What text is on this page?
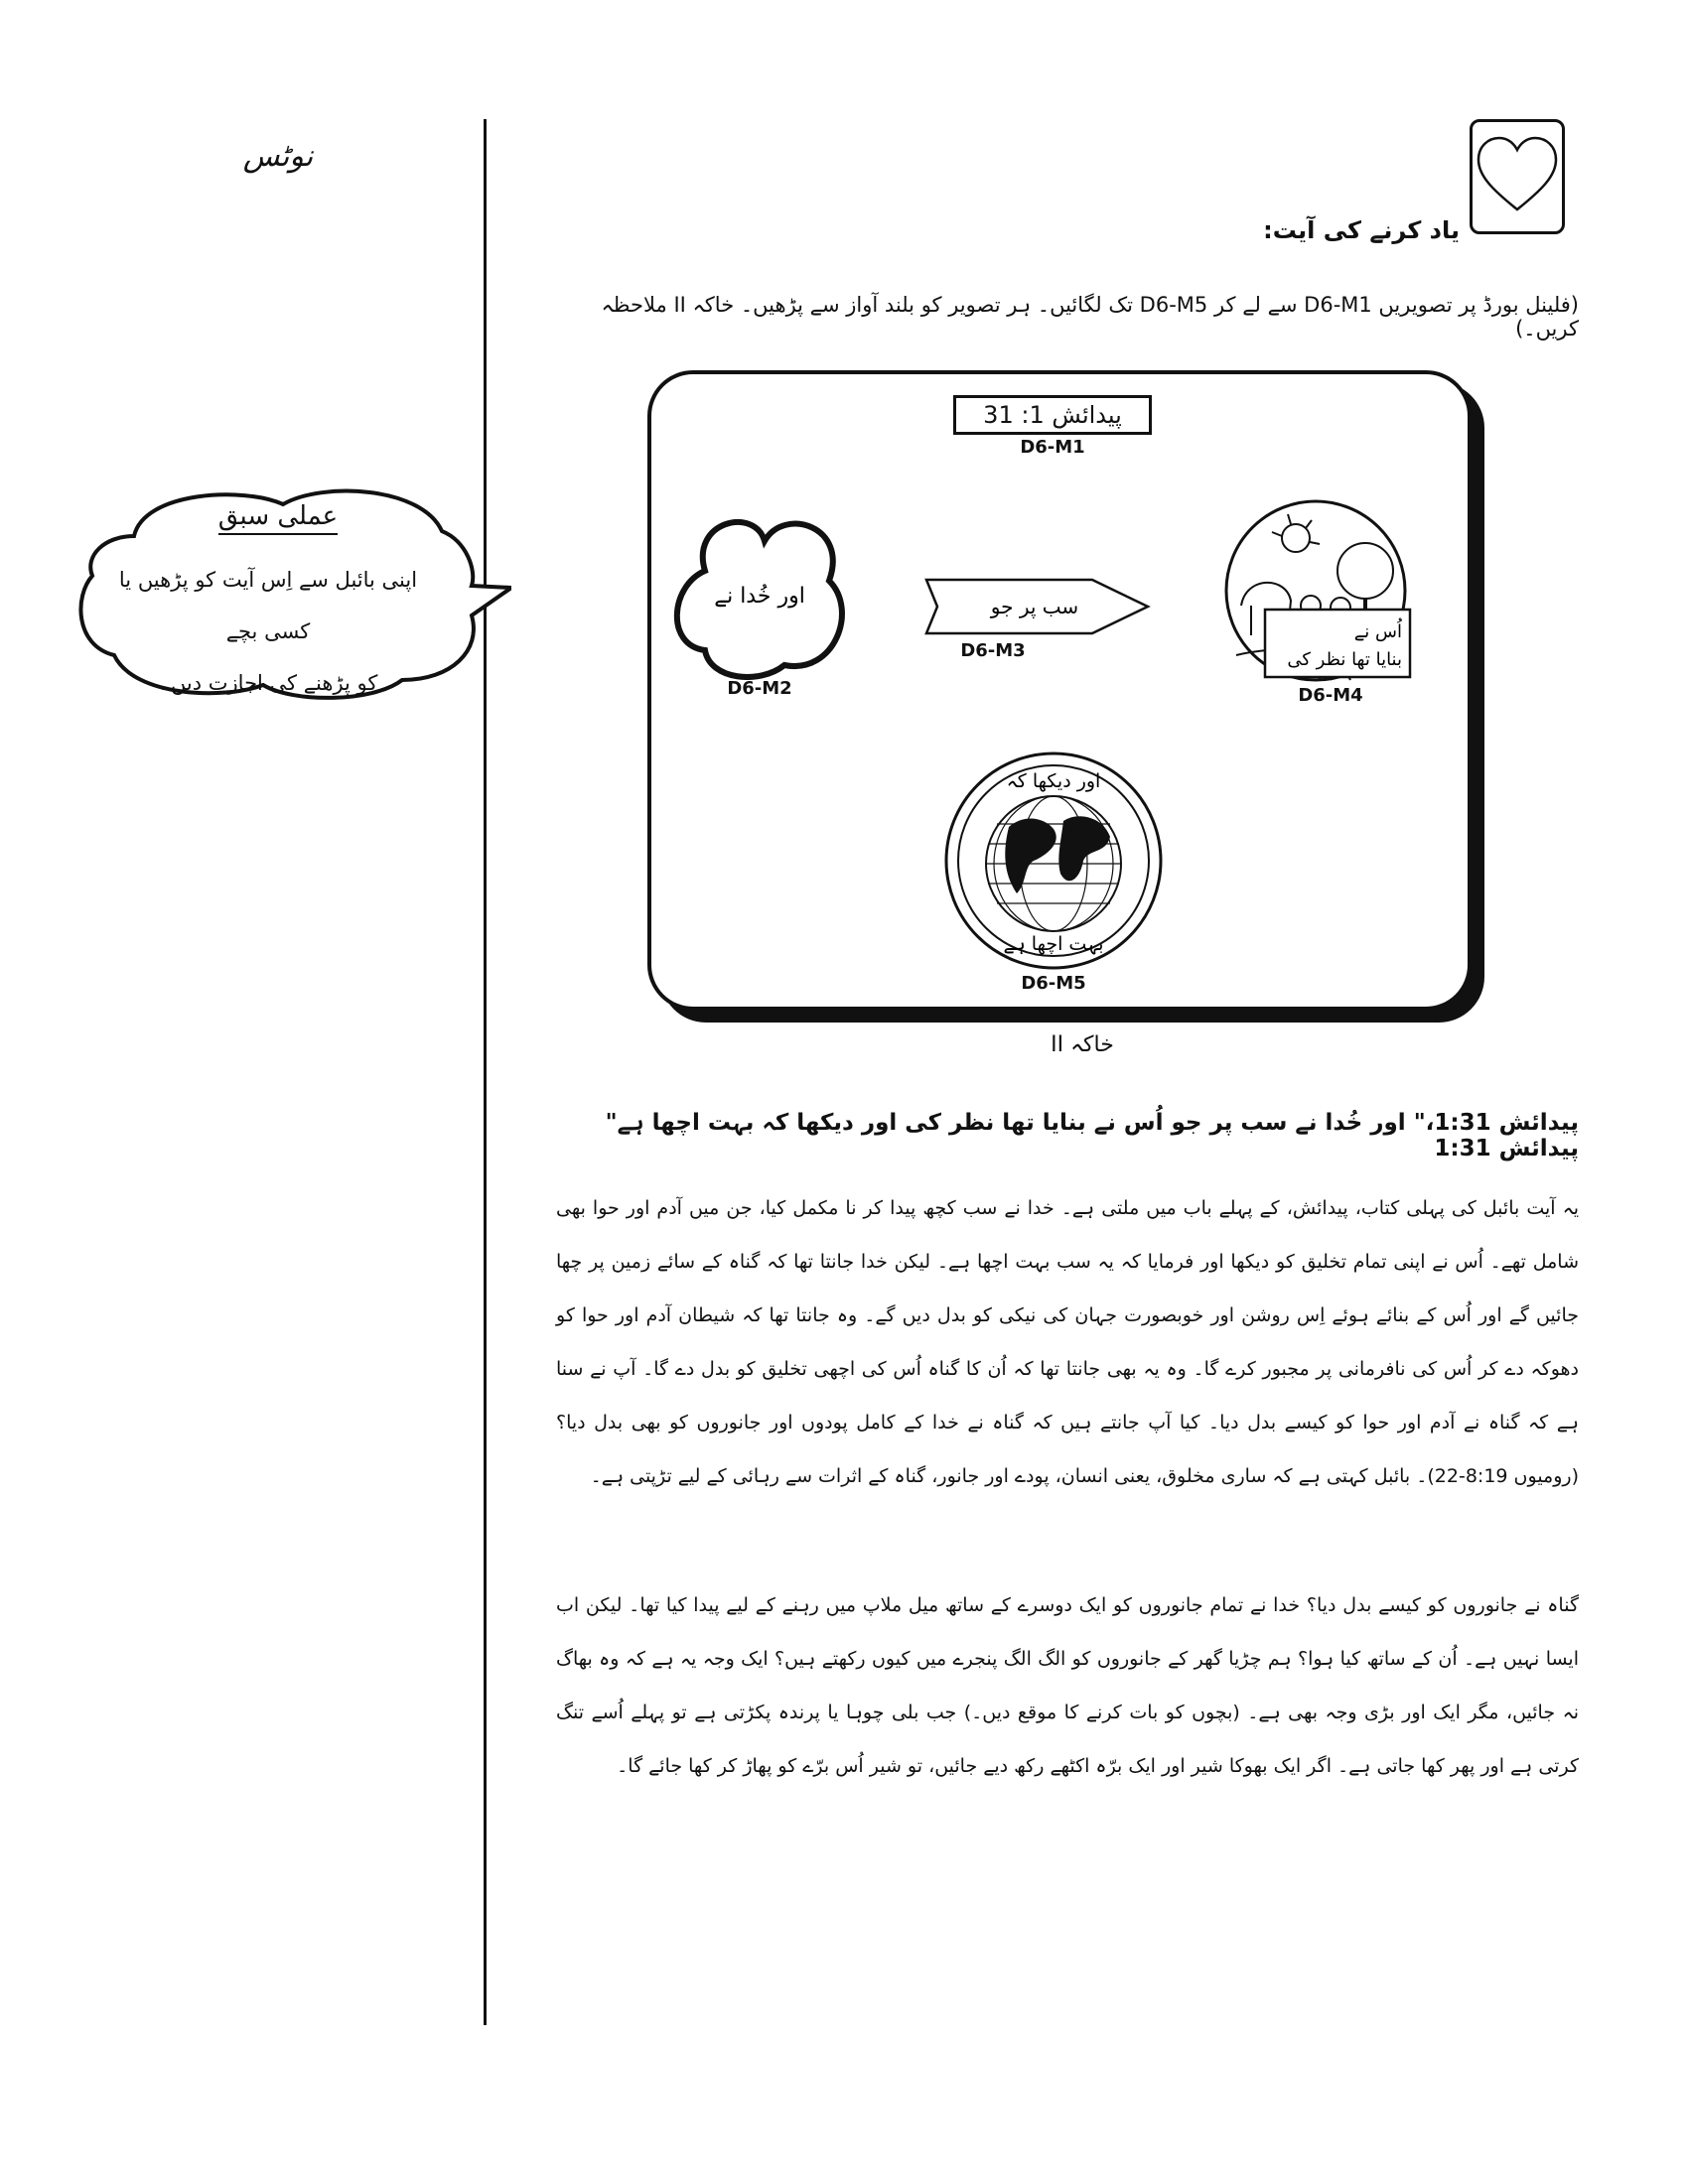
نوٹس
عملی سبق
اپنی بائبل سے اِس آیت کو پڑھیں یا کسی بچے
کو پڑھنے کی اجازت دیں۔
یاد کرنے کی آیت:
(فلینل بورڈ پر تصویریں D6-M1 سے لے کر D6-M5 تک لگائیں۔ ہر تصویر کو بلند آواز سے پڑھیں۔ خاکہ II ملاحظہ کریں۔)
پیدائش 1: 31
D6-M1
اور خُدا نے
D6-M2
سب پر جو
D6-M3
اُس نے
بنایا تھا نظر کی
D6-M4
اور دیکھا کہ
بہت اچھا ہے
D6-M5
خاکہ II
پیدائش 1:31،" اور خُدا نے سب پر جو اُس نے بنایا تھا نظر کی اور دیکھا کہ بہت اچھا ہے" پیدائش 1:31
یہ آیت بائبل کی پہلی کتاب، پیدائش، کے پہلے باب میں ملتی ہے۔ خدا نے سب کچھ پیدا کر نا مکمل کیا، جن میں آدم اور حوا بھی شامل تھے۔ اُس نے اپنی تمام تخلیق کو دیکھا اور فرمایا کہ یہ سب بہت اچھا ہے۔ لیکن خدا جانتا تھا کہ گناہ کے سائے زمین پر چھا جائیں گے اور اُس کے بنائے ہوئے اِس روشن اور خوبصورت جہان کی نیکی کو بدل دیں گے۔ وہ جانتا تھا کہ شیطان آدم اور حوا کو دھوکہ دے کر اُس کی نافرمانی پر مجبور کرے گا۔ وہ یہ بھی جانتا تھا کہ اُن کا گناہ اُس کی اچھی تخلیق کو بدل دے گا۔ آپ نے سنا ہے کہ گناہ نے آدم اور حوا کو کیسے بدل دیا۔ کیا آپ جانتے ہیں کہ گناہ نے خدا کے کامل پودوں اور جانوروں کو بھی بدل دیا؟ (رومیوں 8:19-22)۔ بائبل کہتی ہے کہ ساری مخلوق، یعنی انسان، پودے اور جانور، گناہ کے اثرات سے رہائی کے لیے تڑپتی ہے۔
گناہ نے جانوروں کو کیسے بدل دیا؟ خدا نے تمام جانوروں کو ایک دوسرے کے ساتھ میل ملاپ میں رہنے کے لیے پیدا کیا تھا۔ لیکن اب ایسا نہیں ہے۔ اُن کے ساتھ کیا ہوا؟ ہم چڑیا گھر کے جانوروں کو الگ الگ پنجرے میں کیوں رکھتے ہیں؟ ایک وجہ یہ ہے کہ وہ بھاگ نہ جائیں، مگر ایک اور بڑی وجہ بھی ہے۔ (بچوں کو بات کرنے کا موقع دیں۔) جب بلی چوہا یا پرندہ پکڑتی ہے تو پہلے اُسے تنگ کرتی ہے اور پھر کھا جاتی ہے۔ اگر ایک بھوکا شیر اور ایک برّہ اکٹھے رکھ دیے جائیں، تو شیر اُس برّے کو پھاڑ کر کھا جائے گا۔
